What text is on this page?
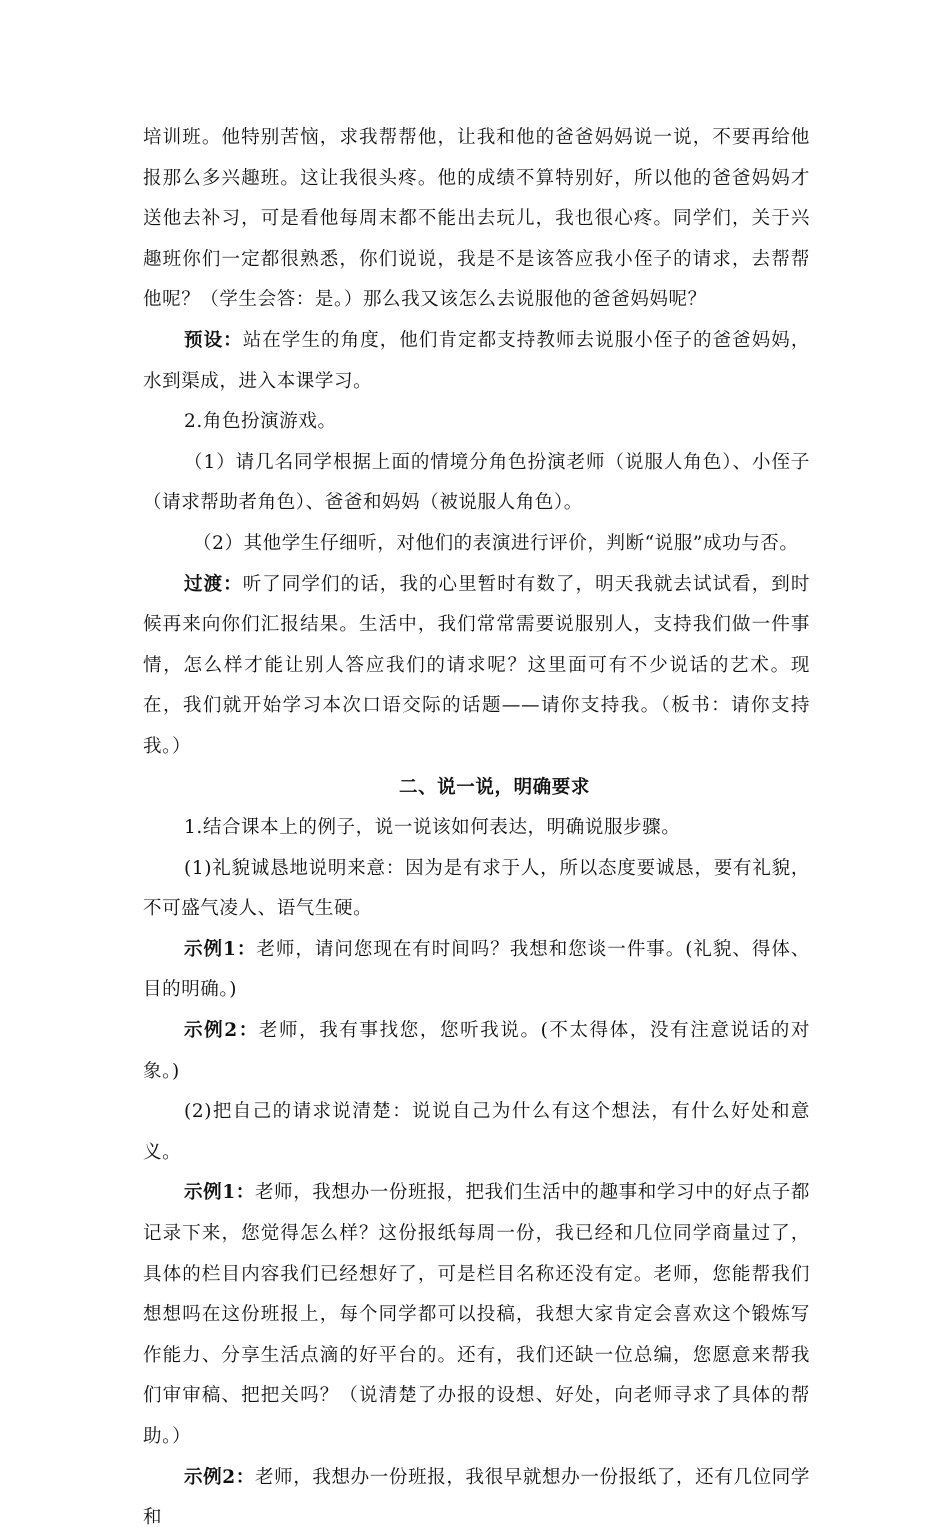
培训班。他特别苦恼，求我帮帮他，让我和他的爸爸妈妈说一说，不要再给他报那么多兴趣班。这让我很头疼。他的成绩不算特别好，所以他的爸爸妈妈才送他去补习，可是看他每周末都不能出去玩儿，我也很心疼。同学们，关于兴趣班你们一定都很熟悉，你们说说，我是不是该答应我小侄子的请求，去帮帮他呢？（学生会答：是。）那么我又该怎么去说服他的爸爸妈妈呢？

预设：站在学生的角度，他们肯定都支持教师去说服小侄子的爸爸妈妈，水到渠成，进入本课学习。

2.角色扮演游戏。

（1）请几名同学根据上面的情境分角色扮演老师（说服人角色）、小侄子（请求帮助者角色）、爸爸和妈妈（被说服人角色）。

（2）其他学生仔细听，对他们的表演进行评价，判断“说服”成功与否。

过渡：听了同学们的话，我的心里暂时有数了，明天我就去试试看，到时候再来向你们汇报结果。生活中，我们常常需要说服别人，支持我们做一件事情，怎么样才能让别人答应我们的请求呢？这里面可有不少说话的艺术。现在，我们就开始学习本次口语交际的话题——请你支持我。（板书：请你支持我。）

二、说一说，明确要求

1.结合课本上的例子，说一说该如何表达，明确说服步骤。

(1)礼貌诚恳地说明来意：因为是有求于人，所以态度要诚恳，要有礼貌，不可盛气凌人、语气生硬。

示例1：老师，请问您现在有时间吗？我想和您谈一件事。(礼貌、得体、目的明确。)

示例2：老师，我有事找您，您听我说。(不太得体，没有注意说话的对象。)

(2)把自己的请求说清楚：说说自己为什么有这个想法，有什么好处和意义。

示例1：老师，我想办一份班报，把我们生活中的趣事和学习中的好点子都记录下来，您觉得怎么样？这份报纸每周一份，我已经和几位同学商量过了，具体的栏目内容我们已经想好了，可是栏目名称还没有定。老师，您能帮我们想想吗在这份班报上，每个同学都可以投稿，我想大家肯定会喜欢这个锻炼写作能力、分享生活点滴的好平台的。还有，我们还缺一位总编，您愿意来帮我们审审稿、把把关吗？（说清楚了办报的设想、好处，向老师寻求了具体的帮助。）

示例2：老师，我想办一份班报，我很早就想办一份报纸了，还有几位同学和
